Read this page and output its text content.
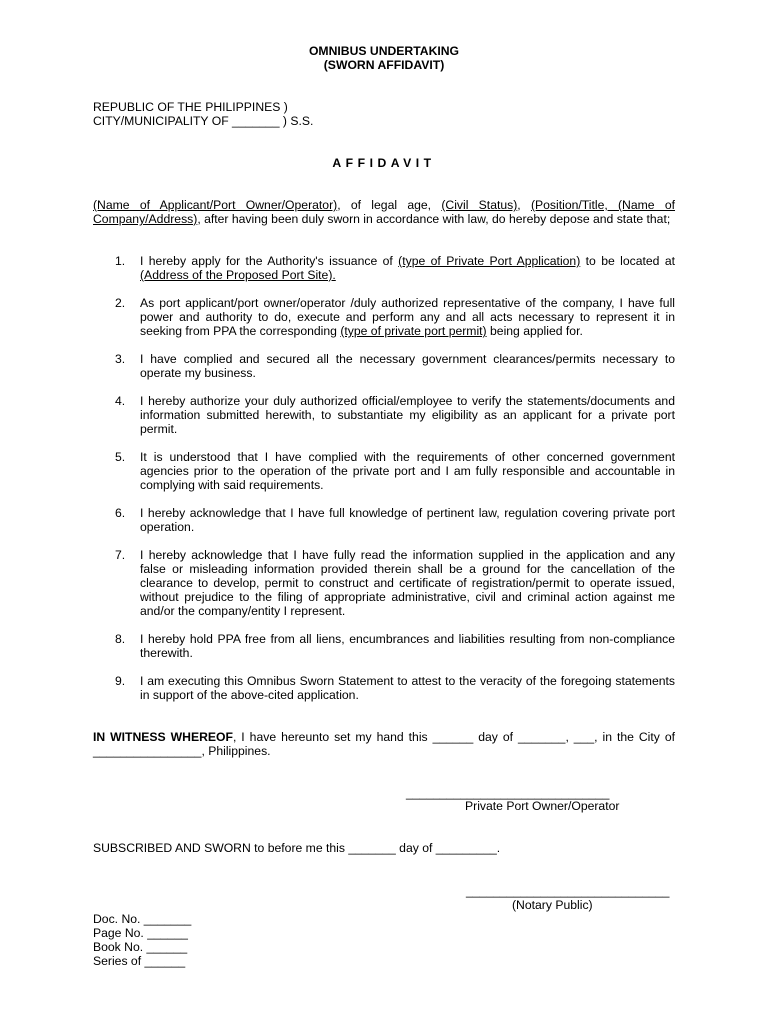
OMNIBUS UNDERTAKING
(SWORN AFFIDAVIT)
REPUBLIC OF THE PHILIPPINES )
CITY/MUNICIPALITY OF _______ ) S.S.
AFFIDAVIT
(Name of Applicant/Port Owner/Operator), of legal age, (Civil Status), (Position/Title, (Name of Company/Address), after having been duly sworn in accordance with law, do hereby depose and state that;
1. I hereby apply for the Authority's issuance of (type of Private Port Application) to be located at (Address of the Proposed Port Site).
2. As port applicant/port owner/operator /duly authorized representative of the company, I have full power and authority to do, execute and perform any and all acts necessary to represent it in seeking from PPA the corresponding (type of private port permit) being applied for.
3. I have complied and secured all the necessary government clearances/permits necessary to operate my business.
4. I hereby authorize your duly authorized official/employee to verify the statements/documents and information submitted herewith, to substantiate my eligibility as an applicant for a private port permit.
5. It is understood that I have complied with the requirements of other concerned government agencies prior to the operation of the private port and I am fully responsible and accountable in complying with said requirements.
6. I hereby acknowledge that I have full knowledge of pertinent law, regulation covering private port operation.
7. I hereby acknowledge that I have fully read the information supplied in the application and any false or misleading information provided therein shall be a ground for the cancellation of the clearance to develop, permit to construct and certificate of registration/permit to operate issued, without prejudice to the filing of appropriate administrative, civil and criminal action against me and/or the company/entity I represent.
8. I hereby hold PPA free from all liens, encumbrances and liabilities resulting from non-compliance therewith.
9. I am executing this Omnibus Sworn Statement to attest to the veracity of the foregoing statements in support of the above-cited application.
IN WITNESS WHEREOF, I have hereunto set my hand this ______ day of _______, ___, in the City of ________________, Philippines.
______________________________
Private Port Owner/Operator
SUBSCRIBED AND SWORN to before me this _______ day of _________.
______________________________
(Notary Public)
Doc. No. _______
Page No. ______
Book No. ______
Series of ______
